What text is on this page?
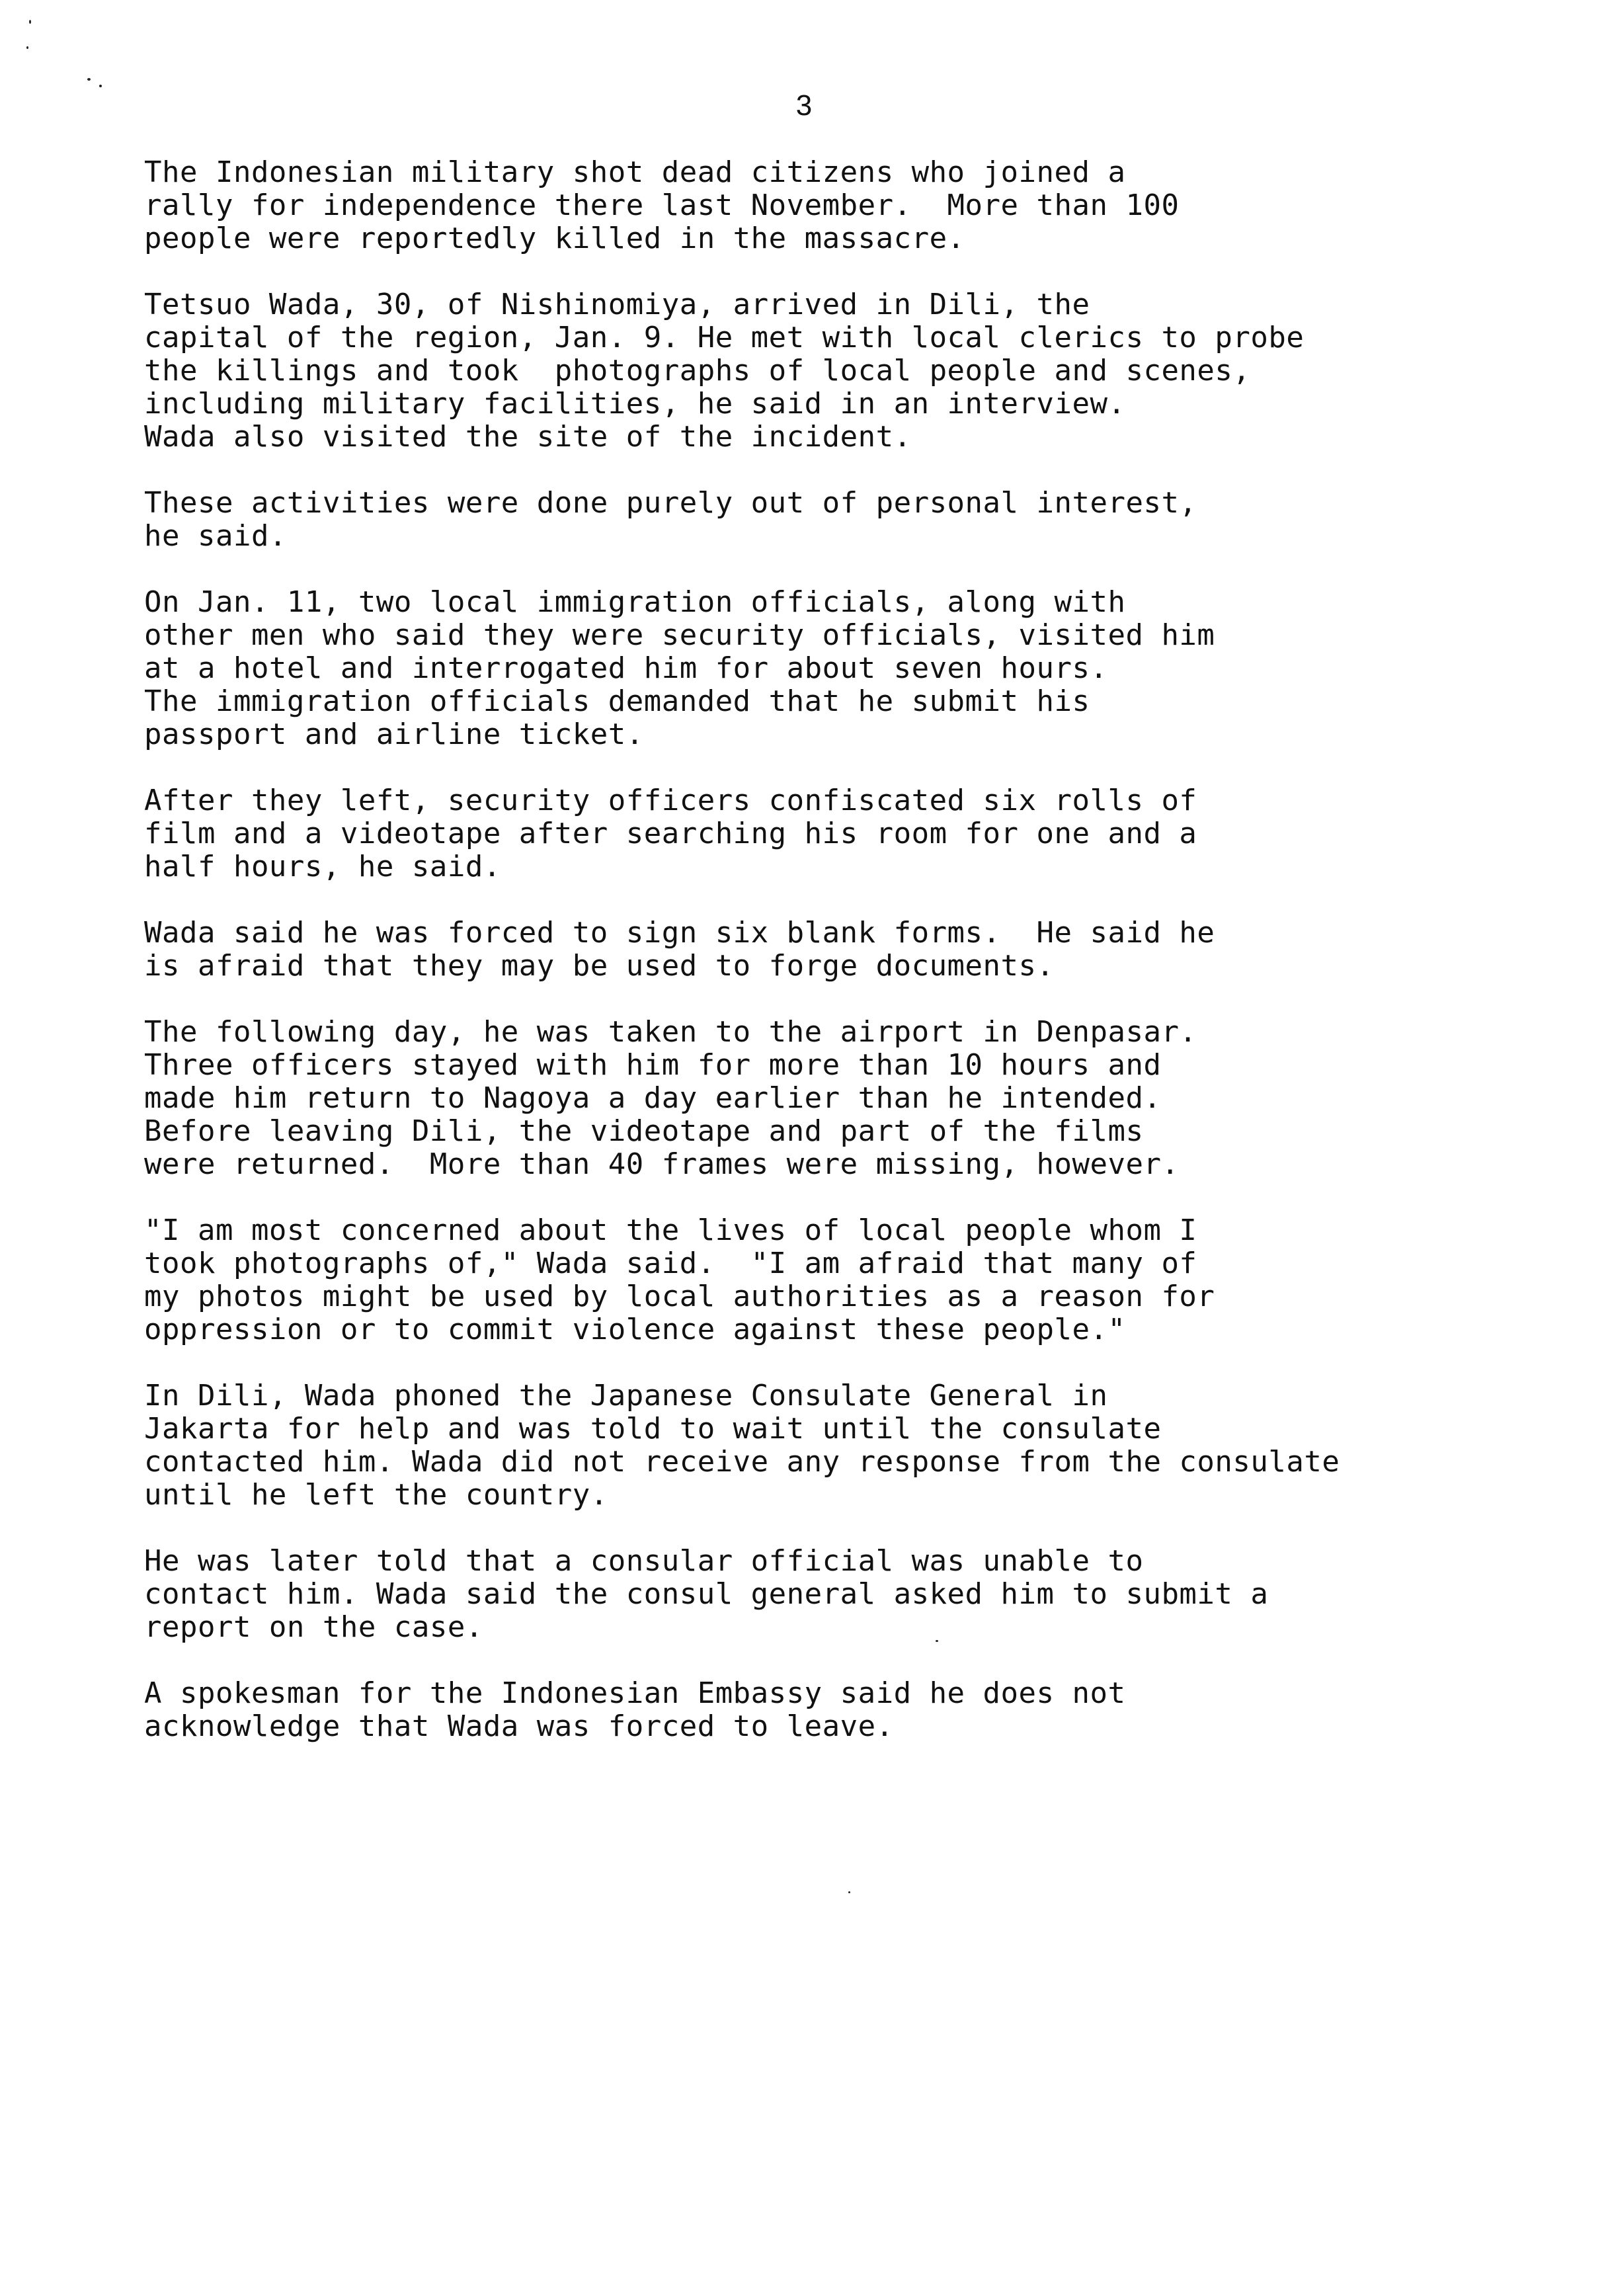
3
The Indonesian military shot dead citizens who joined a
rally for independence there last November.  More than 100
people were reportedly killed in the massacre.
Tetsuo Wada, 30, of Nishinomiya, arrived in Dili, the
capital of the region, Jan. 9. He met with local clerics to probe
the killings and took  photographs of local people and scenes,
including military facilities, he said in an interview.
Wada also visited the site of the incident.
These activities were done purely out of personal interest,
he said.
On Jan. 11, two local immigration officials, along with
other men who said they were security officials, visited him
at a hotel and interrogated him for about seven hours.
The immigration officials demanded that he submit his
passport and airline ticket.
After they left, security officers confiscated six rolls of
film and a videotape after searching his room for one and a
half hours, he said.
Wada said he was forced to sign six blank forms.  He said he
is afraid that they may be used to forge documents.
The following day, he was taken to the airport in Denpasar.
Three officers stayed with him for more than 10 hours and
made him return to Nagoya a day earlier than he intended.
Before leaving Dili, the videotape and part of the films
were returned.  More than 40 frames were missing, however.
"I am most concerned about the lives of local people whom I
took photographs of," Wada said.  "I am afraid that many of
my photos might be used by local authorities as a reason for
oppression or to commit violence against these people."
In Dili, Wada phoned the Japanese Consulate General in
Jakarta for help and was told to wait until the consulate
contacted him. Wada did not receive any response from the consulate
until he left the country.
He was later told that a consular official was unable to
contact him. Wada said the consul general asked him to submit a
report on the case.
A spokesman for the Indonesian Embassy said he does not
acknowledge that Wada was forced to leave.
